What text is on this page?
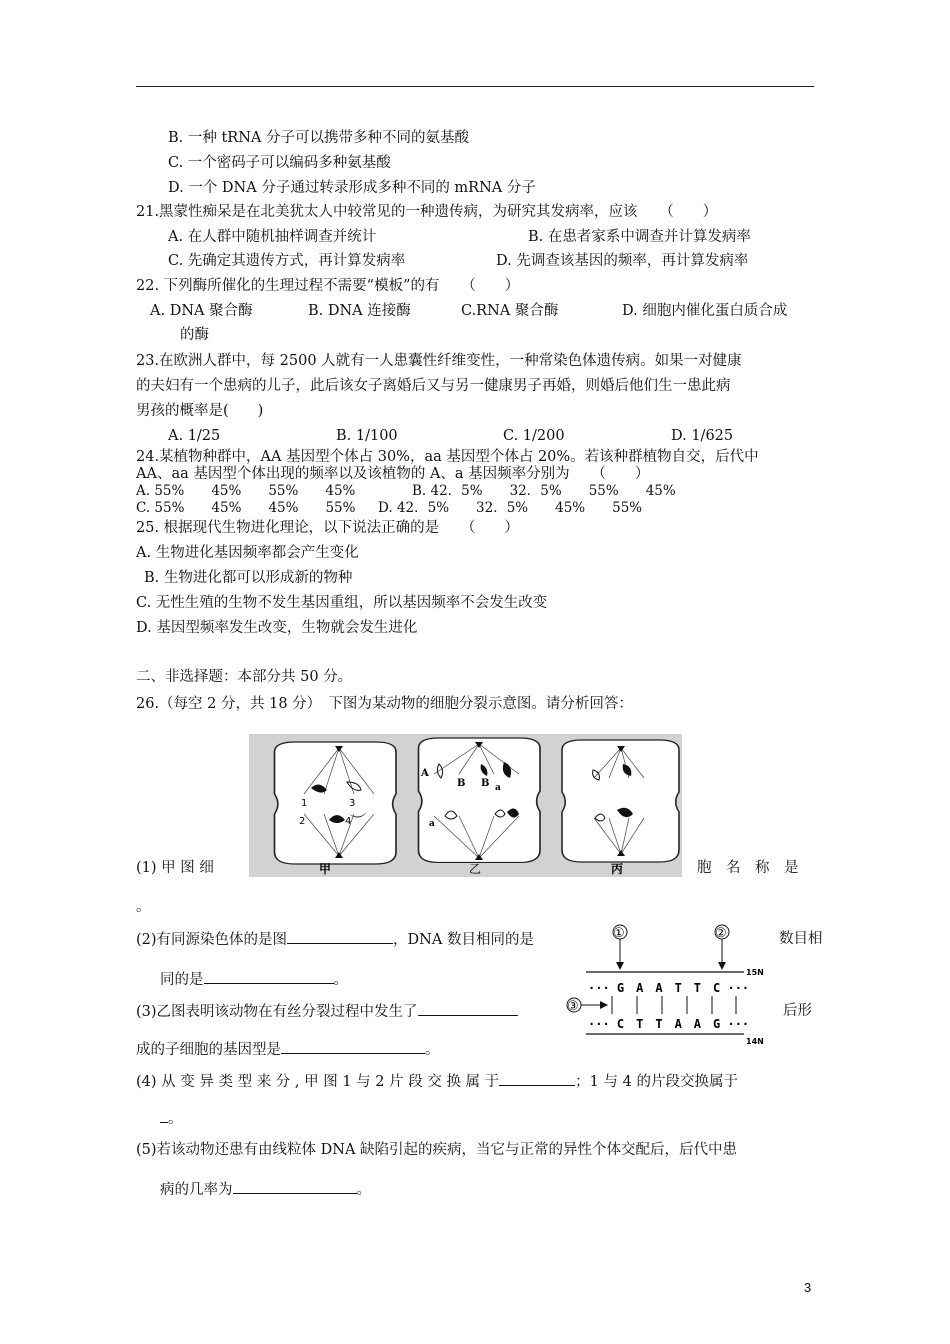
B. 一种 tRNA 分子可以携带多种不同的氨基酸
C. 一个密码子可以编码多种氨基酸
D. 一个 DNA 分子通过转录形成多种不同的 mRNA 分子
21.黑蒙性痴呆是在北美犹太人中较常见的一种遗传病，为研究其发病率，应该　　（　　）
A. 在人群中随机抽样调查并统计	B. 在患者家系中调查并计算发病率
C. 先确定其遗传方式，再计算发病率	D. 先调查该基因的频率，再计算发病率
22. 下列酶所催化的生理过程不需要“模板”的有　　（　　）
A. DNA 聚合酶	B. DNA 连接酶	C.RNA 聚合酶	D. 细胞内催化蛋白质合成
的酶
23.在欧洲人群中，每 2500 人就有一人患囊性纤维变性，一种常染色体遗传病。如果一对健康
的夫妇有一个患病的儿子，此后该女子离婚后又与另一健康男子再婚，则婚后他们生一患此病
男孩的概率是(　　)
A. 1/25	B. 1/100	C. 1/200	D. 1/625
24.某植物种群中，AA 基因型个体占 30%，aa 基因型个体占 20%。若该种群植物自交，后代中
AA、aa 基因型个体出现的频率以及该植物的 A、a 基因频率分别为　　（　　）
A. 55%　　45%　　55%　　45%	B. 42．5%　　32．5%　　55%　　45%
C. 55%　　45%　　45%　　55% D. 42．5%　　32．5%　　45%　　55%
25. 根据现代生物进化理论，以下说法正确的是　　（　　）
A. 生物进化基因频率都会产生变化
B. 生物进化都可以形成新的物种
C. 无性生殖的生物不发生基因重组，所以基因频率不会发生改变
D. 基因型频率发生改变，生物就会发生进化
二、非选择题：本部分共 50 分。
26.（每空 2 分，共 18 分）　下图为某动物的细胞分裂示意图。请分析回答：
1	3
2	4
A
B B a
a
甲	乙	丙
(1) 甲 图 细	胞　名　称　是
。
(2)有同源染色体的是图	，DNA 数目相同的是	数目相
同的是	。
(3)乙图表明该动物在有丝分裂过程中发生了	后形
成的子细胞的基因型是	。
①	②
15N
··· G　A　A　T　T　C ···
③
··· C　T　T　A　A　G ···
14N
(4) 从 变 异 类 型 来 分 , 甲 图 1 与 2 片 段 交 换 属 于	；1 与 4 的片段交换属于
。
(5)若该动物还患有由线粒体 DNA 缺陷引起的疾病，当它与正常的异性个体交配后，后代中患
病的几率为	。
3
